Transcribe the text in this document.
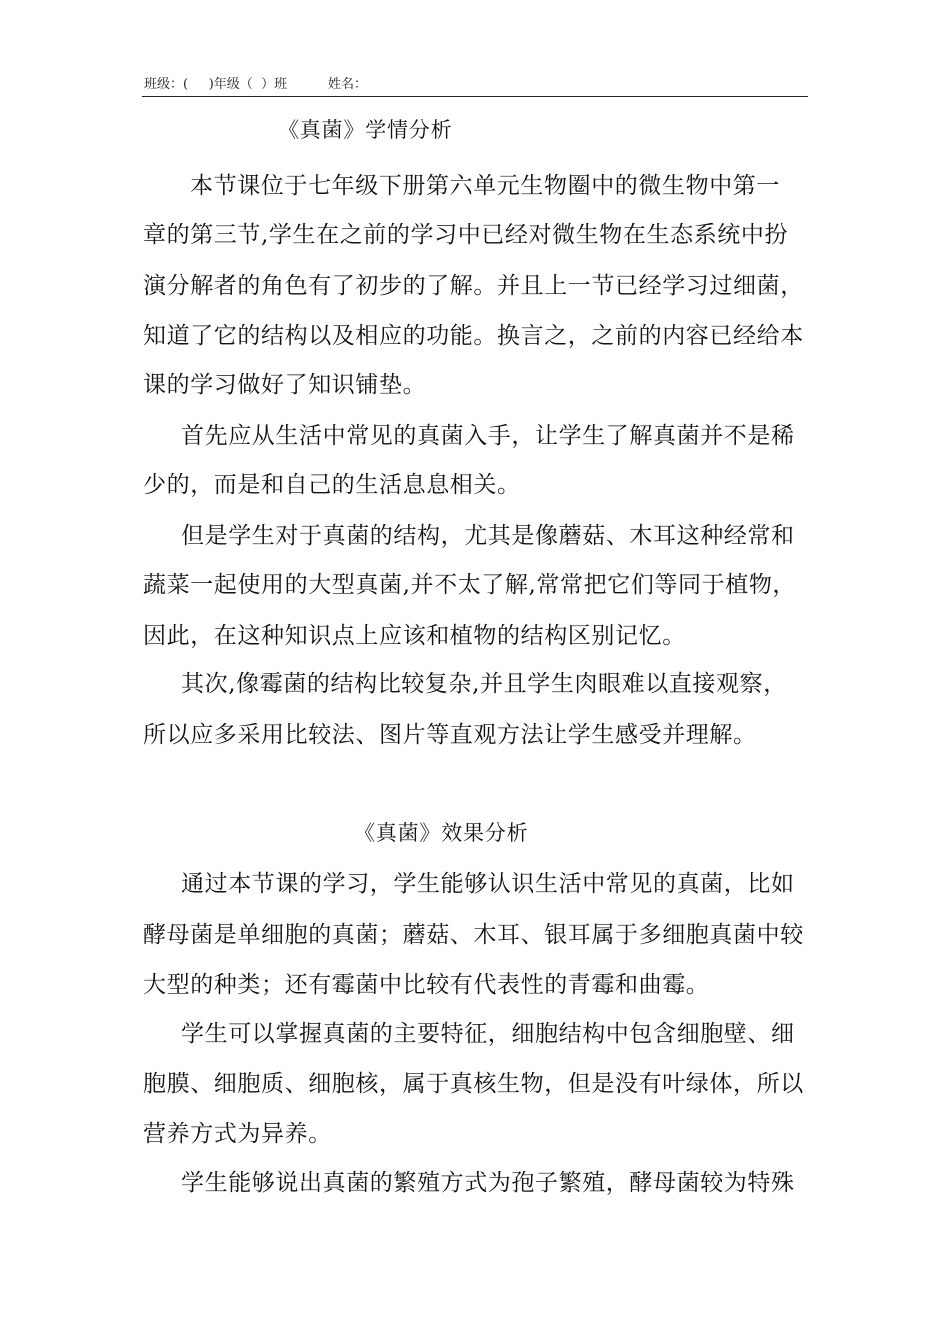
班级：(     )年级（  ）班	姓名：
《真菌》学情分析
本节课位于七年级下册第六单元生物圈中的微生物中第一
章的第三节,学生在之前的学习中已经对微生物在生态系统中扮
演分解者的角色有了初步的了解。并且上一节已经学习过细菌，
知道了它的结构以及相应的功能。换言之，之前的内容已经给本
课的学习做好了知识铺垫。
首先应从生活中常见的真菌入手，让学生了解真菌并不是稀
少的，而是和自己的生活息息相关。
但是学生对于真菌的结构，尤其是像蘑菇、木耳这种经常和
蔬菜一起使用的大型真菌,并不太了解,常常把它们等同于植物，
因此，在这种知识点上应该和植物的结构区别记忆。
其次,像霉菌的结构比较复杂,并且学生肉眼难以直接观察，
所以应多采用比较法、图片等直观方法让学生感受并理解。
《真菌》效果分析
通过本节课的学习，学生能够认识生活中常见的真菌，比如
酵母菌是单细胞的真菌；蘑菇、木耳、银耳属于多细胞真菌中较
大型的种类；还有霉菌中比较有代表性的青霉和曲霉。
学生可以掌握真菌的主要特征，细胞结构中包含细胞壁、细
胞膜、细胞质、细胞核，属于真核生物，但是没有叶绿体，所以
营养方式为异养。
学生能够说出真菌的繁殖方式为孢子繁殖，酵母菌较为特殊
